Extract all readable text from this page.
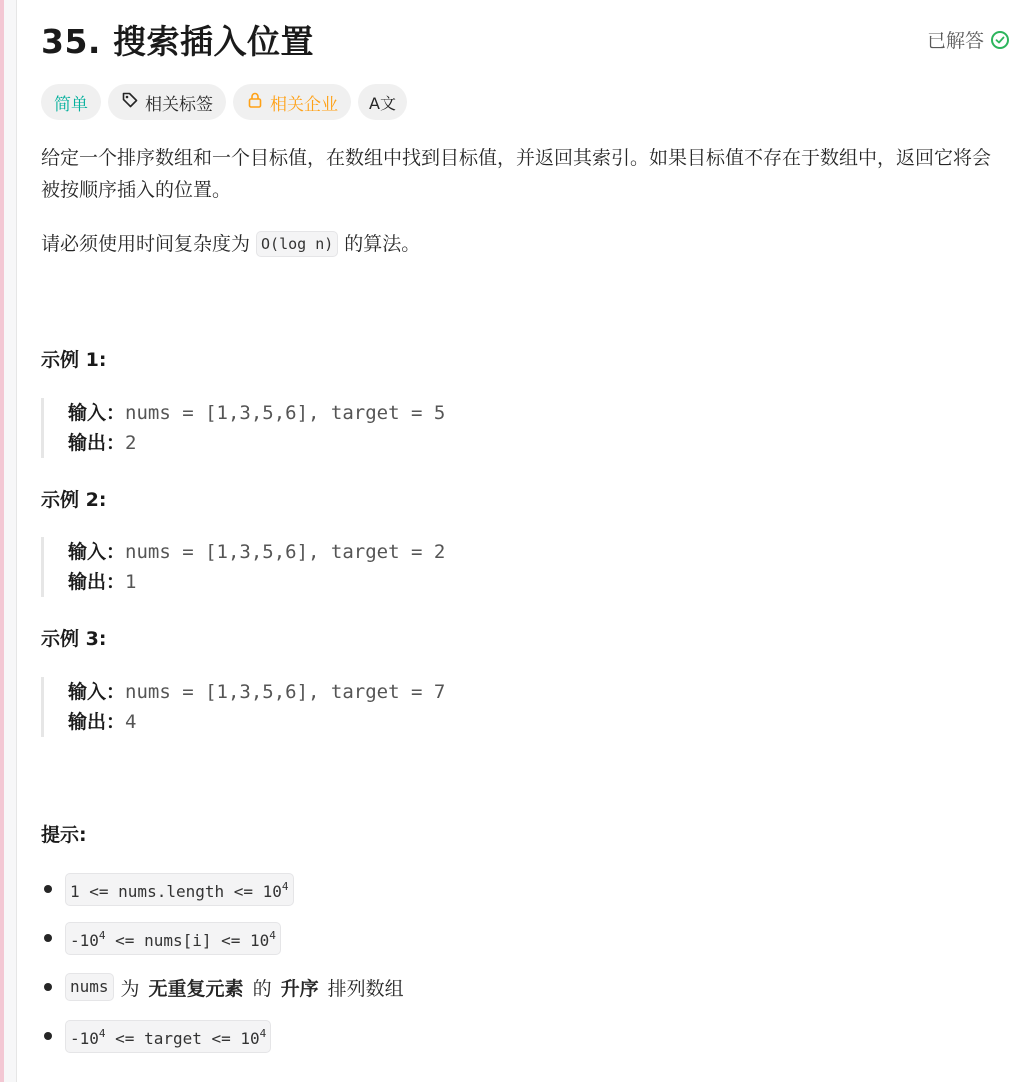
35. 搜索插入位置	已解答
简单	相关标签	相关企业 A文

给定一个排序数组和一个目标值，在数组中找到目标值，并返回其索引。如果目标值不存在于数组中，返回它将会被按顺序插入的位置。

请必须使用时间复杂度为 O(log n) 的算法。

示例 1:
输入：nums = [1,3,5,6], target = 5
输出：2
示例 2:
输入：nums = [1,3,5,6], target = 2
输出：1
示例 3:
输入：nums = [1,3,5,6], target = 7
输出：4
提示:
1 <= nums.length <= $10^4$
$-10^4$ <= nums[i] <= $10^4$
nums 为 无重复元素 的 升序 排列数组
$-10^4$ <= target <= $10^4$
